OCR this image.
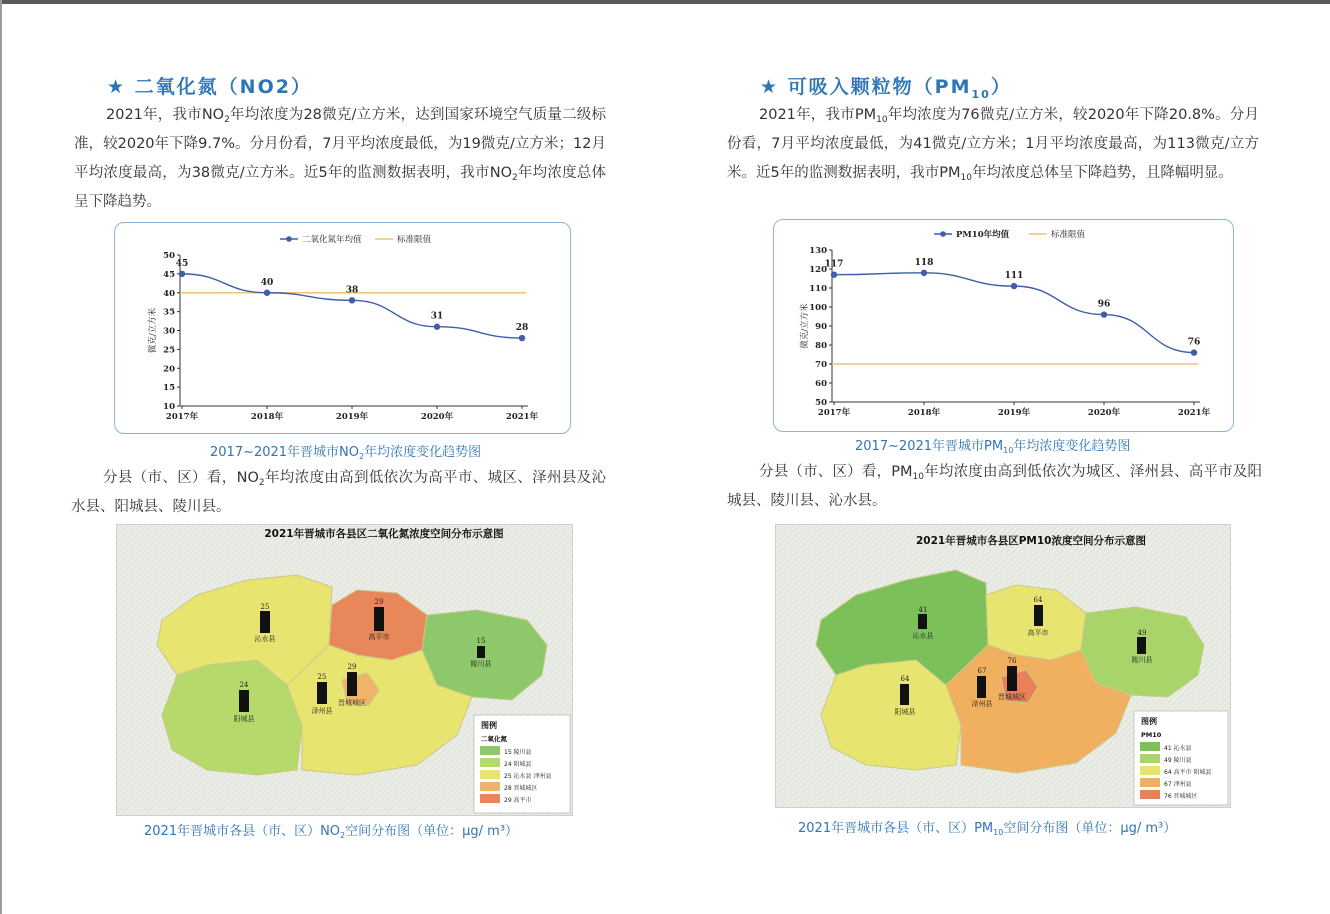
★ 二氧化氮（NO2）
2021年，我市$NO_2$年均浓度为28微克/立方米，达到国家环境空气质量二级标准，较2020年下降9.7%。分月份看，7月平均浓度最低，为19微克/立方米；12月平均浓度最高，为38微克/立方米。近5年的监测数据表明，我市$NO_2$年均浓度总体呈下降趋势。
10
15
20
25
30
35
40
45
50
2017年	2018年	2019年	2020年	2021年
微克/立方米
45
40
38
31
28
二氧化氮年均值	标准限值
2017~2021年晋城市$NO_2$年均浓度变化趋势图
分县（市、区）看，$NO_2$年均浓度由高到低依次为高平市、城区、泽州县及沁水县、阳城县、陵川县。
2021年晋城市各县区二氧化氮浓度空间分布示意图
25
沁水县
29
高平市	15
陵川县
24
阳城县
25
泽州县
29
晋城城区
图例
二氧化氮
15 陵川县
24 阳城县
25 沁水县 泽州县
28 晋城城区
29 高平市
2021年晋城市各县（市、区）$NO_2$空间分布图（单位：μg/ m³）
★ 可吸入颗粒物$(PM_{10})$
2021年，我市$PM_{10}$年均浓度为76微克/立方米，较2020年下降20.8%。分月份看，7月平均浓度最低，为41微克/立方米；1月平均浓度最高，为113微克/立方米。近5年的监测数据表明，我市$PM_{10}$年均浓度总体呈下降趋势，且降幅明显。
50
60
70
80
90
100
110
120
130
2017年	2018年	2019年	2020年	2021年
微克/立方米
117	118
111
96
76
PM10年均值	标准限值
2017~2021年晋城市$PM_{10}$年均浓度变化趋势图
分县（市、区）看，$PM_{10}$年均浓度由高到低依次为城区、泽州县、高平市及阳城县、陵川县、沁水县。
2021年晋城市各县区PM10浓度空间分布示意图
41
沁水县
64
高平市	49
陵川县
64
阳城县
67
泽州县
76
晋城城区
图例
PM10
41 沁水县
49 陵川县
64 高平市 阳城县
67 泽州县
76 晋城城区
2021年晋城市各县（市、区）$PM_{10}$空间分布图（单位：μg/ m³）
